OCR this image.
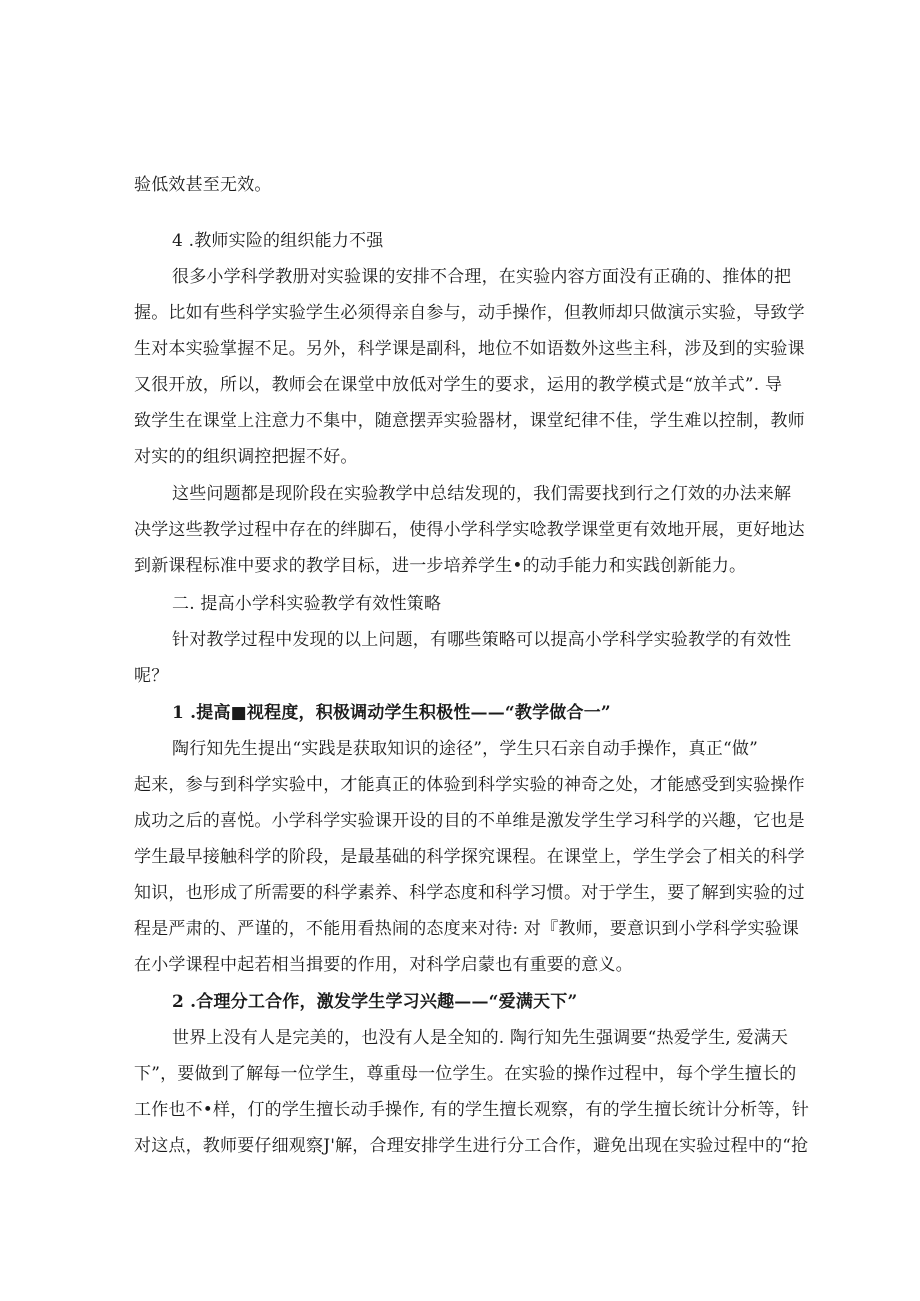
验低效甚至无效。
4 .教师实险的组织能力不强
很多小学科学教册对实验课的安排不合理，在实验内容方面没有正确的、推体的把
握。比如有些科学实验学生必须得亲自参与，动手操作，但教师却只做演示实验，导致学
生对本实验掌握不足。另外，科学课是副科，地位不如语数外这些主科，涉及到的实验课
又很开放，所以，教师会在课堂中放低对学生的要求，运用的教学模式是“放羊式”. 导
致学生在课堂上注意力不集中，随意摆弄实验器材，课堂纪律不佳，学生难以控制，教师
对实的的组织调控把握不好。
这些问题都是现阶段在实验教学中总结发现的，我们需要找到行之仃效的办法来解
决学这些教学过程中存在的绊脚石，使得小学科学实唸教学课堂更有效地开展，更好地达
到新课程标准中要求的教学目标，进一步培养学生•的动手能力和实践创新能力。
二. 提高小学科实验教学有效性策略
针对教学过程中发现的以上问题，有哪些策略可以提高小学科学实验教学的有效性
呢？
1 .提高■视程度，积极调动学生积极性——“教学做合一”
陶行知先生提出“实践是获取知识的途径”，学生只石亲自动手操作，真正“做”
起来，参与到科学实验中，才能真正的体验到科学实验的神奇之处，才能感受到实验操作
成功之后的喜悦。小学科学实验课开设的目的不单维是激发学生学习科学的兴趣，它也是
学生最早接触科学的阶段，是最基础的科学探究课程。在课堂上，学生学会了相关的科学
知识，也形成了所需要的科学素养、科学态度和科学习惯。对于学生，要了解到实验的过
程是严肃的、严谨的，不能用看热闹的态度来对待: 对『教师，要意识到小学科学实验课
在小学课程中起若相当揖要的作用，对科学启蒙也有重要的意义。
2 .合理分工合作，激发学生学习兴趣——“爱满天下”
世界上没有人是完美的，也没有人是全知的. 陶行知先生强调要“热爱学生, 爱满天
下”，要做到了解每一位学生，尊重母一位学生。在实验的操作过程中，每个学生擅长的
工作也不•样，仃的学生擅长动手操作, 有的学生擅长观察，有的学生擅长统计分析等，针
对这点，教师要仔细观察J'解，合理安排学生进行分工合作，避免出现在实验过程中的“抢
